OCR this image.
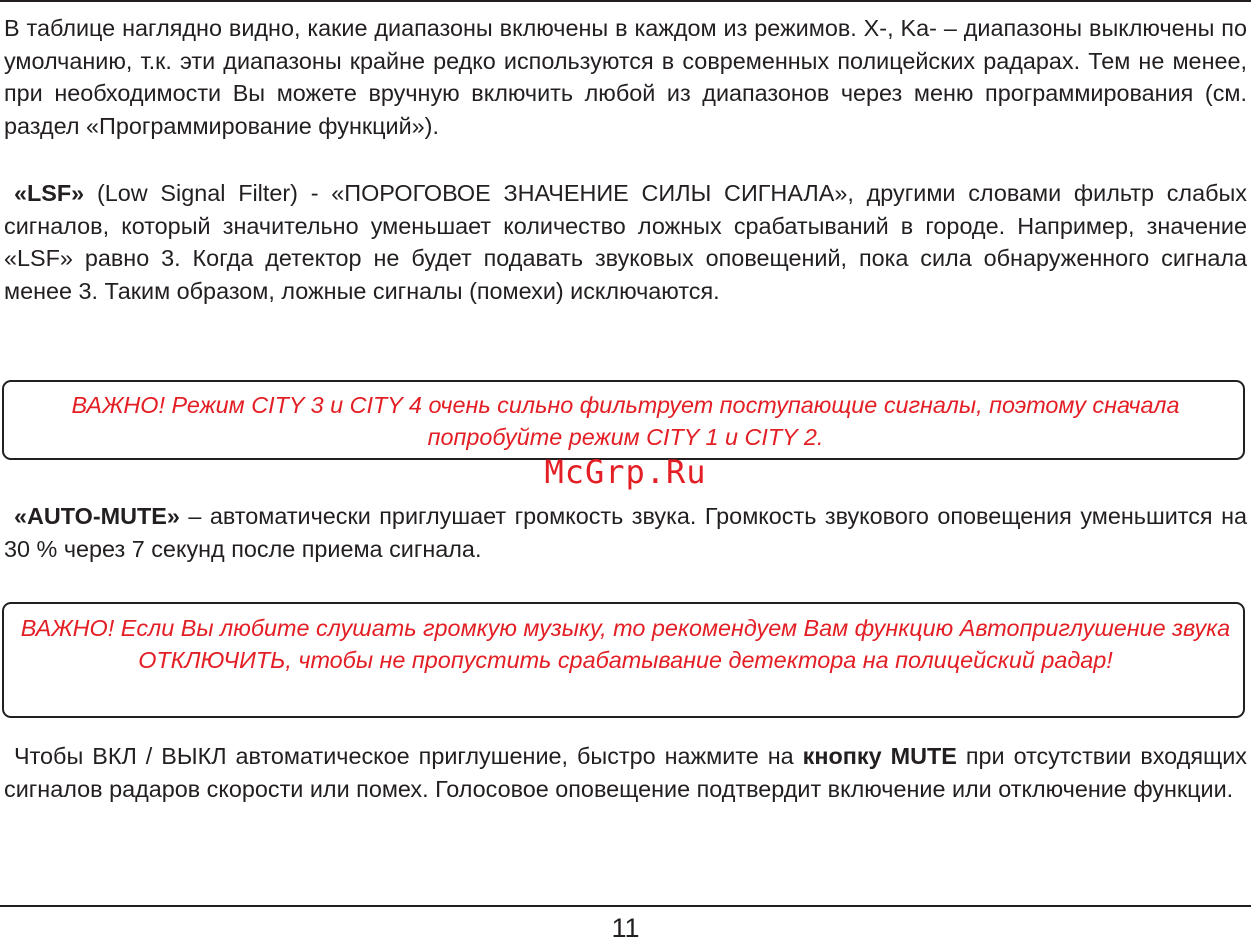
В таблице наглядно видно, какие диапазоны включены в каждом из режимов. X-, Ka- – диапазоны выключены по умолчанию, т.к. эти диапазоны крайне редко используются в современных полицейских радарах. Тем не менее, при необходимости Вы можете вручную включить любой из диапазонов через меню программирования (см. раздел «Программирование функций»).

«LSF» (Low Signal Filter) - «ПОРОГОВОЕ ЗНАЧЕНИЕ СИЛЫ СИГНАЛА», другими словами фильтр слабых сигналов, который значительно уменьшает количество ложных срабатываний в городе. Например, значение «LSF» равно 3. Когда детектор не будет подавать звуковых оповещений, пока сила обнаруженного сигнала менее 3. Таким образом, ложные сигналы (помехи) исключаются.

ВАЖНО! Режим CITY 3 и CITY 4 очень сильно фильтрует поступающие сигналы, поэтому сначала попробуйте режим CITY 1 и CITY 2.

McGrp.Ru

«AUTO-MUTE» – автоматически приглушает громкость звука. Громкость звукового оповещения уменьшится на 30 % через 7 секунд после приема сигнала.

ВАЖНО! Если Вы любите слушать громкую музыку, то рекомендуем Вам функцию Автоприглушение звука ОТКЛЮЧИТЬ, чтобы не пропустить срабатывание детектора на полицейский радар!

Чтобы ВКЛ / ВЫКЛ автоматическое приглушение, быстро нажмите на кнопку MUTE при отсутствии входящих сигналов радаров скорости или помех. Голосовое оповещение подтвердит включение или отключение функции.

11
